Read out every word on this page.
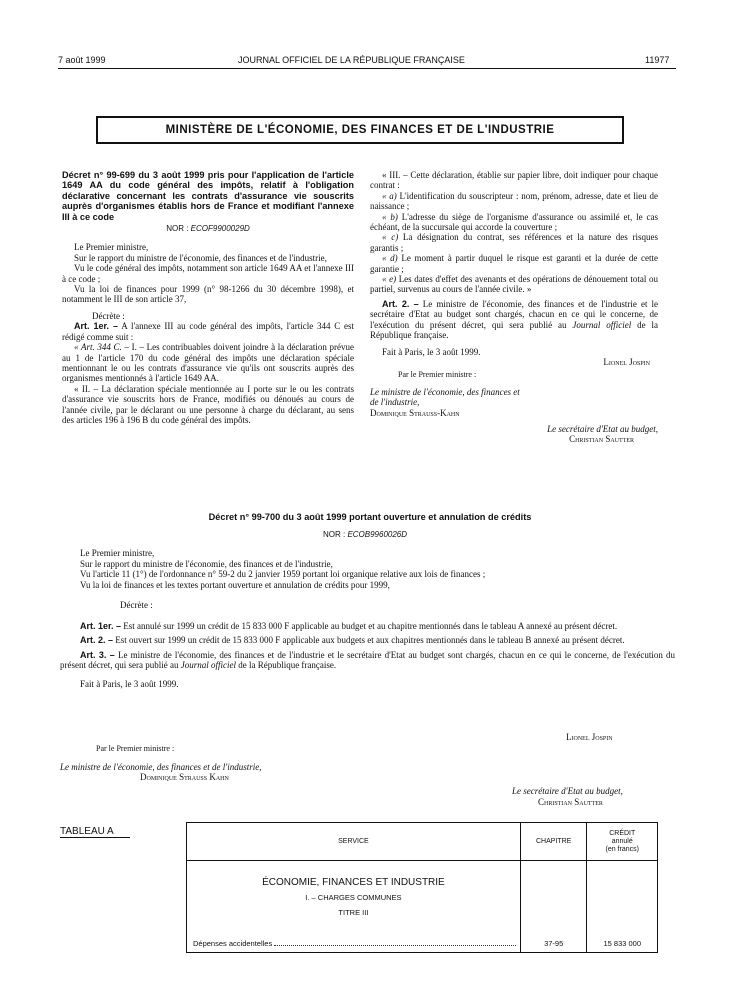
7 août 1999	JOURNAL OFFICIEL DE LA RÉPUBLIQUE FRANÇAISE	11977
MINISTÈRE DE L'ÉCONOMIE, DES FINANCES ET DE L'INDUSTRIE

Décret n° 99-699 du 3 août 1999 pris pour l'application de l'article 1649 AA du code général des impôts, relatif à l'obligation déclarative concernant les contrats d'assurance vie souscrits auprès d'organismes établis hors de France et modifiant l'annexe III à ce code

NOR : ECOF9900029D

Le Premier ministre,

Sur le rapport du ministre de l'économie, des finances et de l'industrie,

Vu le code général des impôts, notamment son article 1649 AA et l'annexe III à ce code ;

Vu la loi de finances pour 1999 (n° 98-1266 du 30 décembre 1998), et notamment le III de son article 37,

Décrète :

Art. 1er. – A l'annexe III au code général des impôts, l'article 344 C est rédigé comme suit :

« Art. 344 C. – I. – Les contribuables doivent joindre à la déclaration prévue au 1 de l'article 170 du code général des impôts une déclaration spéciale mentionnant le ou les contrats d'assurance vie qu'ils ont souscrits auprès des organismes mentionnés à l'article 1649 AA.

« II. – La déclaration spéciale mentionnée au I porte sur le ou les contrats d'assurance vie souscrits hors de France, modifiés ou dénoués au cours de l'année civile, par le déclarant ou une personne à charge du déclarant, au sens des articles 196 à 196 B du code général des impôts.

« III. – Cette déclaration, établie sur papier libre, doit indiquer pour chaque contrat :

« a) L'identification du souscripteur : nom, prénom, adresse, date et lieu de naissance ;

« b) L'adresse du siège de l'organisme d'assurance ou assimilé et, le cas échéant, de la succursale qui accorde la couverture ;

« c) La désignation du contrat, ses références et la nature des risques garantis ;

« d) Le moment à partir duquel le risque est garanti et la durée de cette garantie ;

« e) Les dates d'effet des avenants et des opérations de dénouement total ou partiel, survenus au cours de l'année civile. »

Art. 2. – Le ministre de l'économie, des finances et de l'industrie et le secrétaire d'Etat au budget sont chargés, chacun en ce qui le concerne, de l'exécution du présent décret, qui sera publié au Journal officiel de la République française.

Fait à Paris, le 3 août 1999.

Lionel Jospin

Par le Premier ministre :

Le ministre de l'économie, des finances et de l'industrie,

Dominique Strauss-Kahn

Le secrétaire d'Etat au budget,

Christian Sautter

Décret n° 99-700 du 3 août 1999 portant ouverture et annulation de crédits
NOR : ECOB9960026D

Le Premier ministre,

Sur le rapport du ministre de l'économie, des finances et de l'industrie,

Vu l'article 11 (1°) de l'ordonnance n° 59-2 du 2 janvier 1959 portant loi organique relative aux lois de finances ;

Vu la loi de finances et les textes portant ouverture et annulation de crédits pour 1999,

Décrète :

Art. 1er. – Est annulé sur 1999 un crédit de 15 833 000 F applicable au budget et au chapitre mentionnés dans le tableau A annexé au présent décret.

Art. 2. – Est ouvert sur 1999 un crédit de 15 833 000 F applicable aux budgets et aux chapitres mentionnés dans le tableau B annexé au présent décret.

Art. 3. – Le ministre de l'économie, des finances et de l'industrie et le secrétaire d'Etat au budget sont chargés, chacun en ce qui le concerne, de l'exécution du présent décret, qui sera publié au Journal officiel de la République française.

Fait à Paris, le 3 août 1999.

Lionel Jospin
Par le Premier ministre :
Le ministre de l'économie, des finances et de l'industrie,
Dominique Strauss Kahn
Le secrétaire d'Etat au budget,
Christian Sautter
TABLEAU A
SERVICE	CHAPITRE	CRÉDIT
annulé
(en francs)

ÉCONOMIE, FINANCES ET INDUSTRIE
I. – CHARGES COMMUNES
TITRE III
Dépenses accidentelles	37-95	15 833 000
